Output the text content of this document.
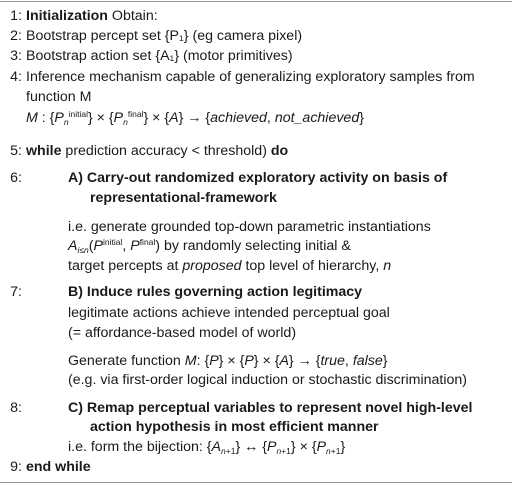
1: Initialization Obtain:
2: Bootstrap percept set {P₁} (eg camera pixel)
3: Bootstrap action set {A₁} (motor primitives)
4: Inference mechanism capable of generalizing exploratory samples from
function M
M : $\{P_n^{initial}\} \times \{P_n^{final}\} \times \{A\}$ → {achieved, not_achieved}
5: while prediction accuracy < threshold) do
6:	A) Carry-out randomized exploratory activity on basis of
representational-framework
i.e. generate grounded top-down parametric instantiations
$A_{i\le n}(P^{initial}$, $P^{final}$) by randomly selecting initial &
target percepts at proposed top level of hierarchy, n
7:	B) Induce rules governing action legitimacy
legitimate actions achieve intended perceptual goal
(= affordance-based model of world)
Generate function M: {P} × {P} × {A} → {true, false}
(e.g. via first-order logical induction or stochastic discrimination)
8:	C) Remap perceptual variables to represent novel high-level
action hypothesis in most efficient manner
i.e. form the bijection: $\{A_{n+1}\}$ ↔ $\{P_{n+1}\} \times \{P_{n+1}\}$
9: end while
